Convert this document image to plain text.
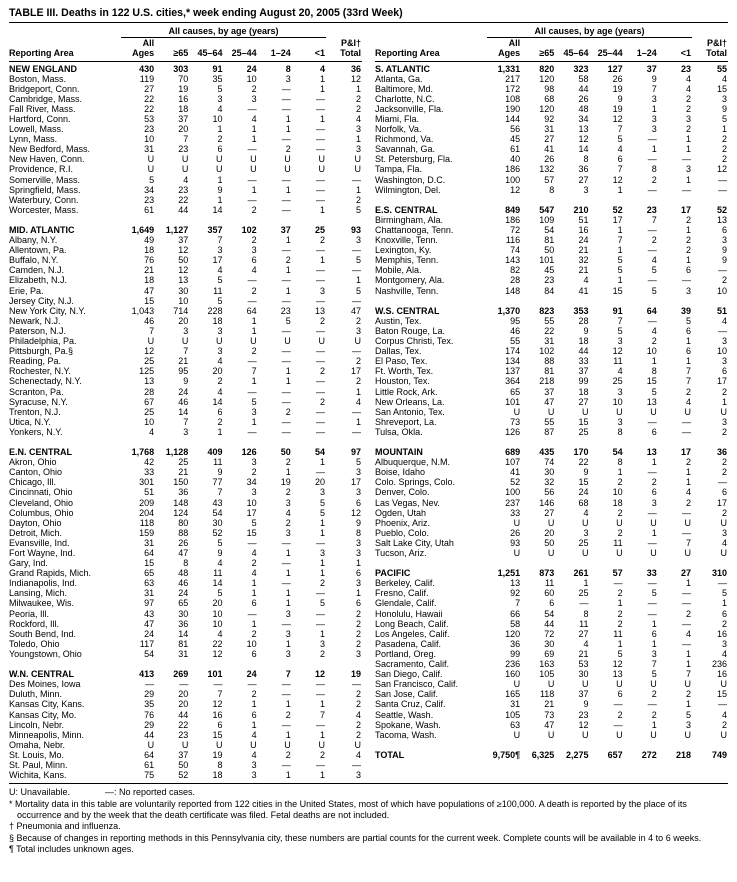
TABLE III. Deaths in 122 U.S. cities,* week ending August 20, 2005 (33rd Week)
	All causes, by age (years)						
Reporting Area	All
Ages	≥65	45–64	25–44	1–24	<1	P&I†
Total
NEW ENGLAND	430	303	91	24	8	4	36
Boston, Mass.	119	70	35	10	3	1	12
Bridgeport, Conn.	27	19	5	2	—	1	1
Cambridge, Mass.	22	16	3	3	—	—	2
Fall River, Mass.	22	18	4	—	—	—	2
Hartford, Conn.	53	37	10	4	1	1	4
Lowell, Mass.	23	20	1	1	1	—	3
Lynn, Mass.	10	7	2	1	—	—	1
New Bedford, Mass.	31	23	6	—	2	—	3
New Haven, Conn.	U	U	U	U	U	U	U
Providence, R.I.	U	U	U	U	U	U	U
Somerville, Mass.	5	4	1	—	—	—	—
Springfield, Mass.	34	23	9	1	1	—	1
Waterbury, Conn.	23	22	1	—	—	—	2
Worcester, Mass.	61	44	14	2	—	1	5

MID. ATLANTIC	1,649	1,127	357	102	37	25	93
Albany, N.Y.	49	37	7	2	1	2	3
Allentown, Pa.	18	12	3	3	—	—	—
Buffalo, N.Y.	76	50	17	6	2	1	5
Camden, N.J.	21	12	4	4	1	—	—
Elizabeth, N.J.	18	13	5	—	—	—	1
Erie, Pa.	47	30	11	2	1	3	5
Jersey City, N.J.	15	10	5	—	—	—	—
New York City, N.Y.	1,043	714	228	64	23	13	47
Newark, N.J.	46	20	18	1	5	2	2
Paterson, N.J.	7	3	3	1	—	—	3
Philadelphia, Pa.	U	U	U	U	U	U	U
Pittsburgh, Pa.§	12	7	3	2	—	—	—
Reading, Pa.	25	21	4	—	—	—	2
Rochester, N.Y.	125	95	20	7	1	2	17
Schenectady, N.Y.	13	9	2	1	1	—	2
Scranton, Pa.	28	24	4	—	—	—	1
Syracuse, N.Y.	67	46	14	5	—	2	4
Trenton, N.J.	25	14	6	3	2	—	—
Utica, N.Y.	10	7	2	1	—	—	1
Yonkers, N.Y.	4	3	1	—	—	—	—

E.N. CENTRAL	1,768	1,128	409	126	50	54	97
Akron, Ohio	42	25	11	3	2	1	5
Canton, Ohio	33	21	9	2	1	—	3
Chicago, Ill.	301	150	77	34	19	20	17
Cincinnati, Ohio	51	36	7	3	2	3	3
Cleveland, Ohio	209	148	43	10	3	5	6
Columbus, Ohio	204	124	54	17	4	5	12
Dayton, Ohio	118	80	30	5	2	1	9
Detroit, Mich.	159	88	52	15	3	1	8
Evansville, Ind.	31	26	5	—	—	—	3
Fort Wayne, Ind.	64	47	9	4	1	3	3
Gary, Ind.	15	8	4	2	—	1	1
Grand Rapids, Mich.	65	48	11	4	1	1	6
Indianapolis, Ind.	63	46	14	1	—	2	3
Lansing, Mich.	31	24	5	1	1	—	1
Milwaukee, Wis.	97	65	20	6	1	5	6
Peoria, Ill.	43	30	10	—	3	—	2
Rockford, Ill.	47	36	10	1	—	—	2
South Bend, Ind.	24	14	4	2	3	1	2
Toledo, Ohio	117	81	22	10	1	3	2
Youngstown, Ohio	54	31	12	6	3	2	3

W.N. CENTRAL	413	269	101	24	7	12	19
Des Moines, Iowa	—	—	—	—	—	—	—
Duluth, Minn.	29	20	7	2	—	—	2
Kansas City, Kans.	35	20	12	1	1	1	2
Kansas City, Mo.	76	44	16	6	2	7	4
Lincoln, Nebr.	29	22	6	1	—	—	2
Minneapolis, Minn.	44	23	15	4	1	1	2
Omaha, Nebr.	U	U	U	U	U	U	U
St. Louis, Mo.	64	37	19	4	2	2	4
St. Paul, Minn.	61	50	8	3	—	—	—
Wichita, Kans.	75	52	18	3	1	1	3
	All causes, by age (years)						
Reporting Area	All
Ages	≥65	45–64	25–44	1–24	<1	P&I†
Total
S. ATLANTIC	1,331	820	323	127	37	23	55
Atlanta, Ga.	217	120	58	26	9	4	4
Baltimore, Md.	172	98	44	19	7	4	15
Charlotte, N.C.	108	68	26	9	3	2	3
Jacksonville, Fla.	190	120	48	19	1	2	9
Miami, Fla.	144	92	34	12	3	3	5
Norfolk, Va.	56	31	13	7	3	2	1
Richmond, Va.	45	27	12	5	—	1	2
Savannah, Ga.	61	41	14	4	1	1	2
St. Petersburg, Fla.	40	26	8	6	—	—	2
Tampa, Fla.	186	132	36	7	8	3	12
Washington, D.C.	100	57	27	12	2	1	—
Wilmington, Del.	12	8	3	1	—	—	—

E.S. CENTRAL	849	547	210	52	23	17	52
Birmingham, Ala.	186	109	51	17	7	2	13
Chattanooga, Tenn.	72	54	16	1	—	1	6
Knoxville, Tenn.	116	81	24	7	2	2	3
Lexington, Ky.	74	50	21	1	—	2	9
Memphis, Tenn.	143	101	32	5	4	1	9
Mobile, Ala.	82	45	21	5	5	6	—
Montgomery, Ala.	28	23	4	1	—	—	2
Nashville, Tenn.	148	84	41	15	5	3	10

W.S. CENTRAL	1,370	823	353	91	64	39	51
Austin, Tex.	95	55	28	7	—	5	4
Baton Rouge, La.	46	22	9	5	4	6	—
Corpus Christi, Tex.	55	31	18	3	2	1	3
Dallas, Tex.	174	102	44	12	10	6	10
El Paso, Tex.	134	88	33	11	1	1	3
Ft. Worth, Tex.	137	81	37	4	8	7	6
Houston, Tex.	364	218	99	25	15	7	17
Little Rock, Ark.	65	37	18	3	5	2	2
New Orleans, La.	101	47	27	10	13	4	1
San Antonio, Tex.	U	U	U	U	U	U	U
Shreveport, La.	73	55	15	3	—	—	3
Tulsa, Okla.	126	87	25	8	6	—	2

MOUNTAIN	689	435	170	54	13	17	36
Albuquerque, N.M.	107	74	22	8	1	2	2
Boise, Idaho	41	30	9	1	—	1	2
Colo. Springs, Colo.	52	32	15	2	2	1	—
Denver, Colo.	100	56	24	10	6	4	6
Las Vegas, Nev.	237	146	68	18	3	2	17
Ogden, Utah	33	27	4	2	—	—	2
Phoenix, Ariz.	U	U	U	U	U	U	U
Pueblo, Colo.	26	20	3	2	1	—	3
Salt Lake City, Utah	93	50	25	11	—	7	4
Tucson, Ariz.	U	U	U	U	U	U	U

PACIFIC	1,251	873	261	57	33	27	310
Berkeley, Calif.	13	11	1	—	—	1	—
Fresno, Calif.	92	60	25	2	5	—	5
Glendale, Calif.	7	6	—	1	—	—	1
Honolulu, Hawaii	66	54	8	2	—	2	6
Long Beach, Calif.	58	44	11	2	1	—	2
Los Angeles, Calif.	120	72	27	11	6	4	16
Pasadena, Calif.	36	30	4	1	1	—	3
Portland, Oreg.	99	69	21	5	3	1	4
Sacramento, Calif.	236	163	53	12	7	1	236
San Diego, Calif.	160	105	30	13	5	7	16
San Francisco, Calif.	U	U	U	U	U	U	U
San Jose, Calif.	165	118	37	6	2	2	15
Santa Cruz, Calif.	31	21	9	—	—	1	—
Seattle, Wash.	105	73	23	2	2	5	4
Spokane, Wash.	63	47	12	—	1	3	2
Tacoma, Wash.	U	U	U	U	U	U	U

TOTAL	9,750¶	6,325	2,275	657	272	218	749
U: Unavailable.	—: No reported cases.
* Mortality data in this table are voluntarily reported from 122 cities in the United States, most of which have populations of ≥100,000. A death is reported by the place of its occurrence and by the week that the death certificate was filed. Fetal deaths are not included.
† Pneumonia and influenza.
§ Because of changes in reporting methods in this Pennsylvania city, these numbers are partial counts for the current week. Complete counts will be available in 4 to 6 weeks.
¶ Total includes unknown ages.
